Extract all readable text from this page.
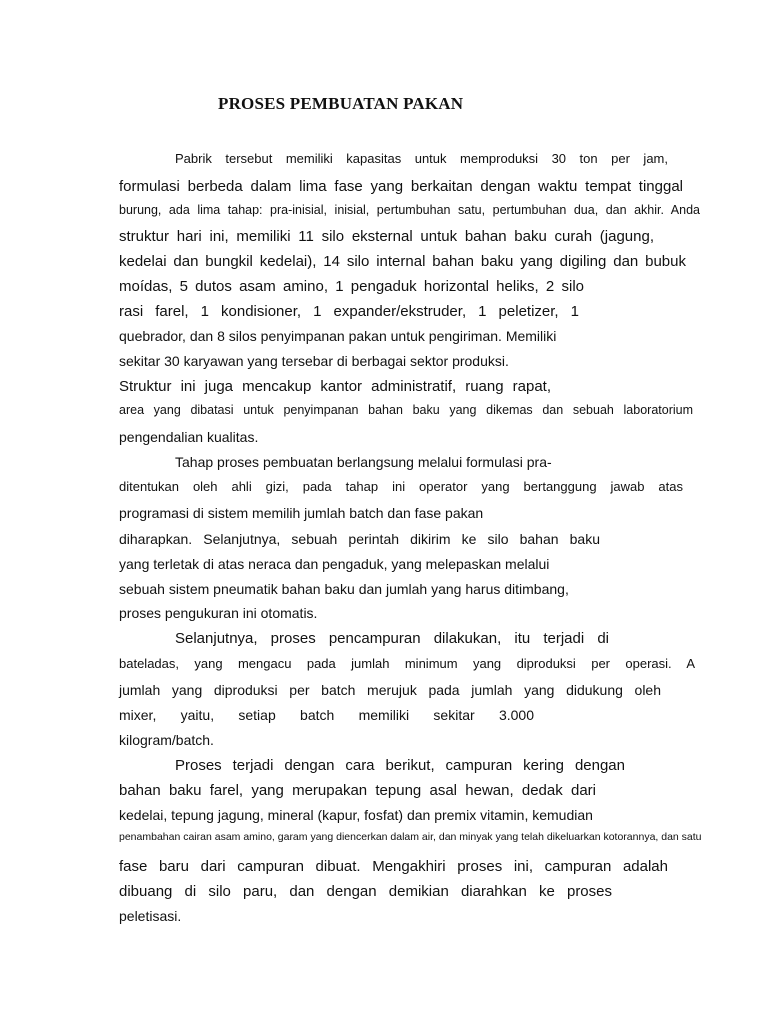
PROSES PEMBUATAN PAKAN
Pabrik tersebut memiliki kapasitas untuk memproduksi 30 ton per jam,
formulasi berbeda dalam lima fase yang berkaitan dengan waktu tempat tinggal
burung, ada lima tahap: pra-inisial, inisial, pertumbuhan satu, pertumbuhan dua, dan akhir. Anda
struktur hari ini, memiliki 11 silo eksternal untuk bahan baku curah (jagung,
kedelai dan bungkil kedelai), 14 silo internal bahan baku yang digiling dan bubuk
moídas, 5 dutos asam amino, 1 pengaduk horizontal heliks, 2 silo
rasi farel, 1 kondisioner, 1 expander/ekstruder, 1 peletizer, 1
quebrador, dan 8 silos penyimpanan pakan untuk pengiriman. Memiliki
sekitar 30 karyawan yang tersebar di berbagai sektor produksi.
Struktur ini juga mencakup kantor administratif, ruang rapat,
area yang dibatasi untuk penyimpanan bahan baku yang dikemas dan sebuah laboratorium
pengendalian kualitas.
Tahap proses pembuatan berlangsung melalui formulasi pra-
ditentukan oleh ahli gizi, pada tahap ini operator yang bertanggung jawab atas
programasi di sistem memilih jumlah batch dan fase pakan
diharapkan. Selanjutnya, sebuah perintah dikirim ke silo bahan baku
yang terletak di atas neraca dan pengaduk, yang melepaskan melalui
sebuah sistem pneumatik bahan baku dan jumlah yang harus ditimbang,
proses pengukuran ini otomatis.
Selanjutnya, proses pencampuran dilakukan, itu terjadi di
bateladas, yang mengacu pada jumlah minimum yang diproduksi per operasi. A
jumlah yang diproduksi per batch merujuk pada jumlah yang didukung oleh
mixer, yaitu, setiap batch memiliki sekitar 3.000
kilogram/batch.
Proses terjadi dengan cara berikut, campuran kering dengan
bahan baku farel, yang merupakan tepung asal hewan, dedak dari
kedelai, tepung jagung, mineral (kapur, fosfat) dan premix vitamin, kemudian
penambahan cairan asam amino, garam yang diencerkan dalam air, dan minyak yang telah dikeluarkan kotorannya, dan satu
fase baru dari campuran dibuat. Mengakhiri proses ini, campuran adalah
dibuang di silo paru, dan dengan demikian diarahkan ke proses
peletisasi.
